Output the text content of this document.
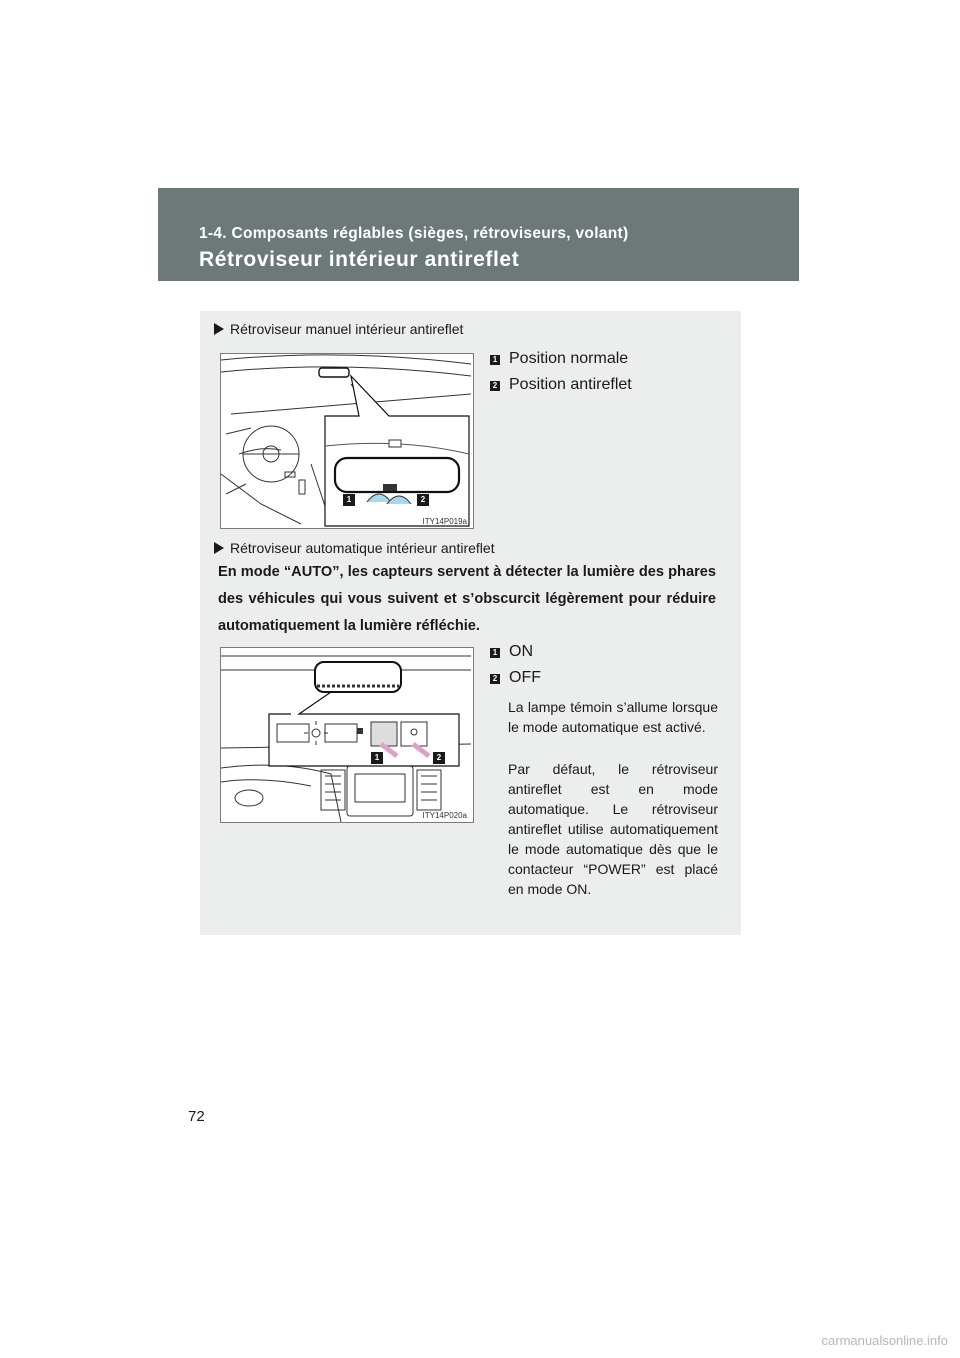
1-4. Composants réglables (sièges, rétroviseurs, volant)

Rétroviseur intérieur antireflet
Rétroviseur manuel intérieur antireflet
1	2
ITY14P019a
1 Position normale
2 Position antireflet
Rétroviseur automatique intérieur antireflet

En mode “AUTO”, les capteurs servent à détecter la lumière des phares des véhicules qui vous suivent et s’obscurcit légèrement pour réduire automatiquement la lumière réfléchie.

1	2
ITY14P020a
1 ON
2 OFF

La lampe témoin s’allume lorsque le mode automatique est activé.

Par défaut, le rétroviseur antireflet est en mode automatique. Le rétroviseur antireflet utilise automatiquement le mode automatique dès que le contacteur “POWER” est placé en mode ON.

72
carmanualsonline.info
